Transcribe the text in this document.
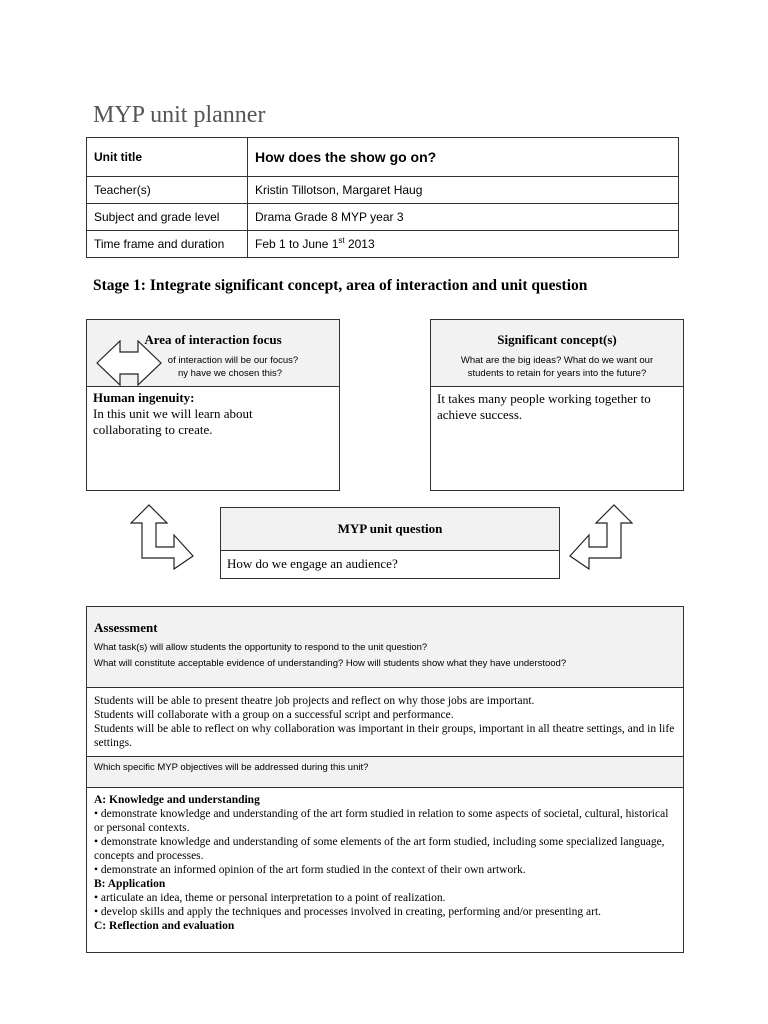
MYP unit planner
Unit title	How does the show go on?
Teacher(s)	Kristin Tillotson, Margaret Haug
Subject and grade level	Drama Grade 8 MYP year 3
Time frame and duration	Feb 1 to June 1st 2013
Stage 1: Integrate significant concept, area of interaction and unit question
Area of interaction focus
of interaction will be our focus?
ny have we chosen this?
Human ingenuity:
In this unit we will learn about collaborating to create.
Significant concept(s)
What are the big ideas? What do we want our
students to retain for years into the future?
It takes many people working together to achieve success.
MYP unit question
How do we engage an audience?
Assessment
What task(s) will allow students the opportunity to respond to the unit question?
What will constitute acceptable evidence of understanding? How will students show what they have understood?
Students will be able to present theatre job projects and reflect on why those jobs are important.
Students will collaborate with a group on a successful script and performance.
Students will be able to reflect on why collaboration was important in their groups, important in all theatre settings, and in life settings.
Which specific MYP objectives will be addressed during this unit?
A: Knowledge and understanding
• demonstrate knowledge and understanding of the art form studied in relation to some aspects of societal, cultural, historical or personal contexts.
• demonstrate knowledge and understanding of some elements of the art form studied, including some specialized language, concepts and processes.
• demonstrate an informed opinion of the art form studied in the context of their own artwork.
B: Application
• articulate an idea, theme or personal interpretation to a point of realization.
• develop skills and apply the techniques and processes involved in creating, performing and/or presenting art.
C: Reflection and evaluation
